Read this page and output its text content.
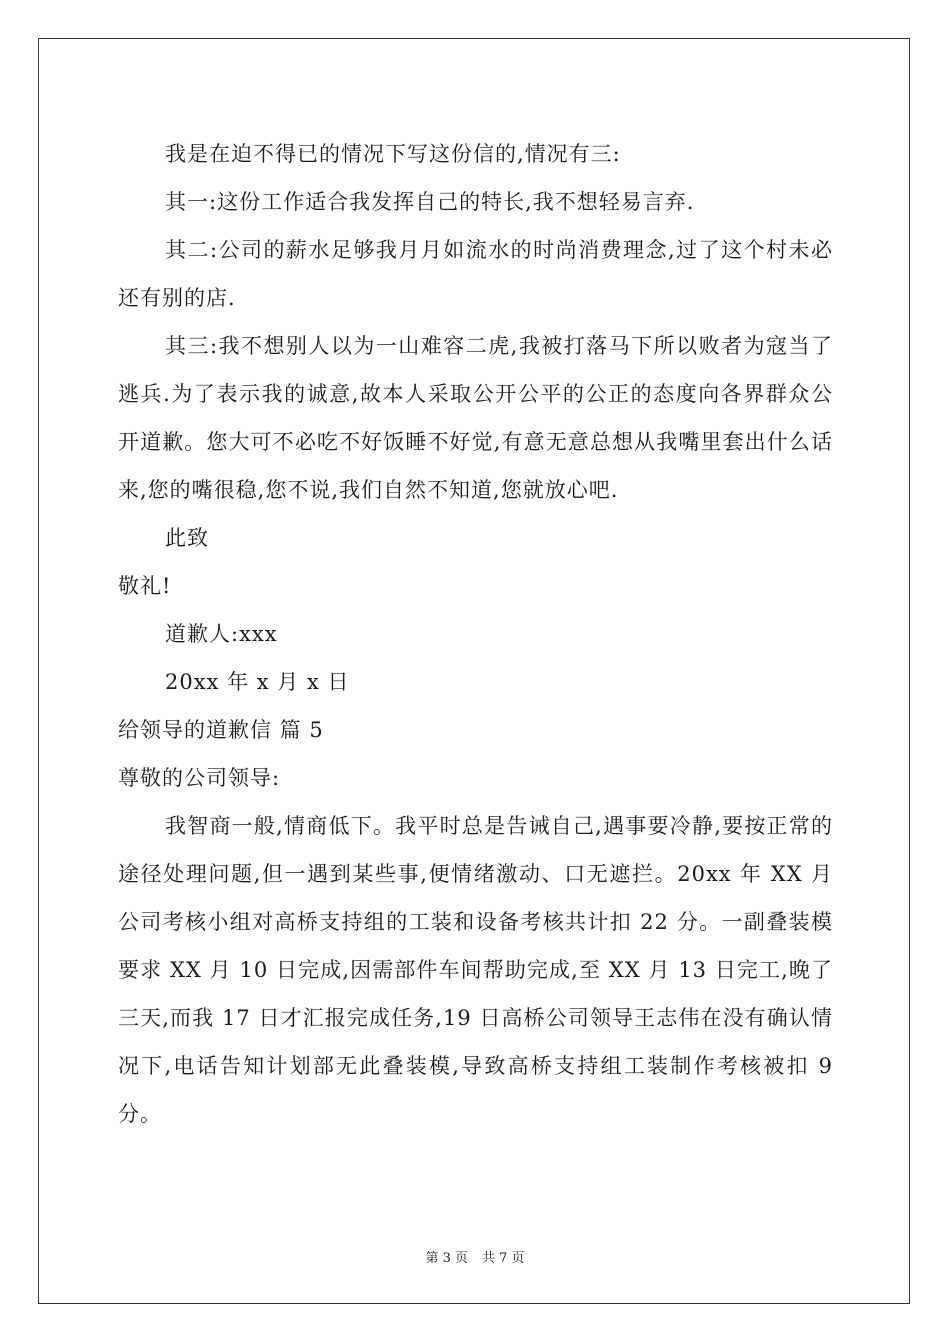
我是在迫不得已的情况下写这份信的,情况有三:

其一:这份工作适合我发挥自己的特长,我不想轻易言弃.

其二:公司的薪水足够我月月如流水的时尚消费理念,过了这个村未必还有别的店.

其三:我不想别人以为一山难容二虎,我被打落马下所以败者为寇当了逃兵.为了表示我的诚意,故本人采取公开公平的公正的态度向各界群众公开道歉。您大可不必吃不好饭睡不好觉,有意无意总想从我嘴里套出什么话来,您的嘴很稳,您不说,我们自然不知道,您就放心吧.

此致

敬礼!

道歉人:xxx

20xx 年 x 月 x 日

给领导的道歉信 篇 5

尊敬的公司领导:

我智商一般,情商低下。我平时总是告诫自己,遇事要冷静,要按正常的途径处理问题,但一遇到某些事,便情绪激动、口无遮拦。20xx 年 XX 月公司考核小组对高桥支持组的工装和设备考核共计扣 22 分。一副叠装模要求 XX 月 10 日完成,因需部件车间帮助完成,至 XX 月 13 日完工,晚了三天,而我 17 日才汇报完成任务,19 日高桥公司领导王志伟在没有确认情况下,电话告知计划部无此叠装模,导致高桥支持组工装制作考核被扣 9 分。

第 3 页 共 7 页
